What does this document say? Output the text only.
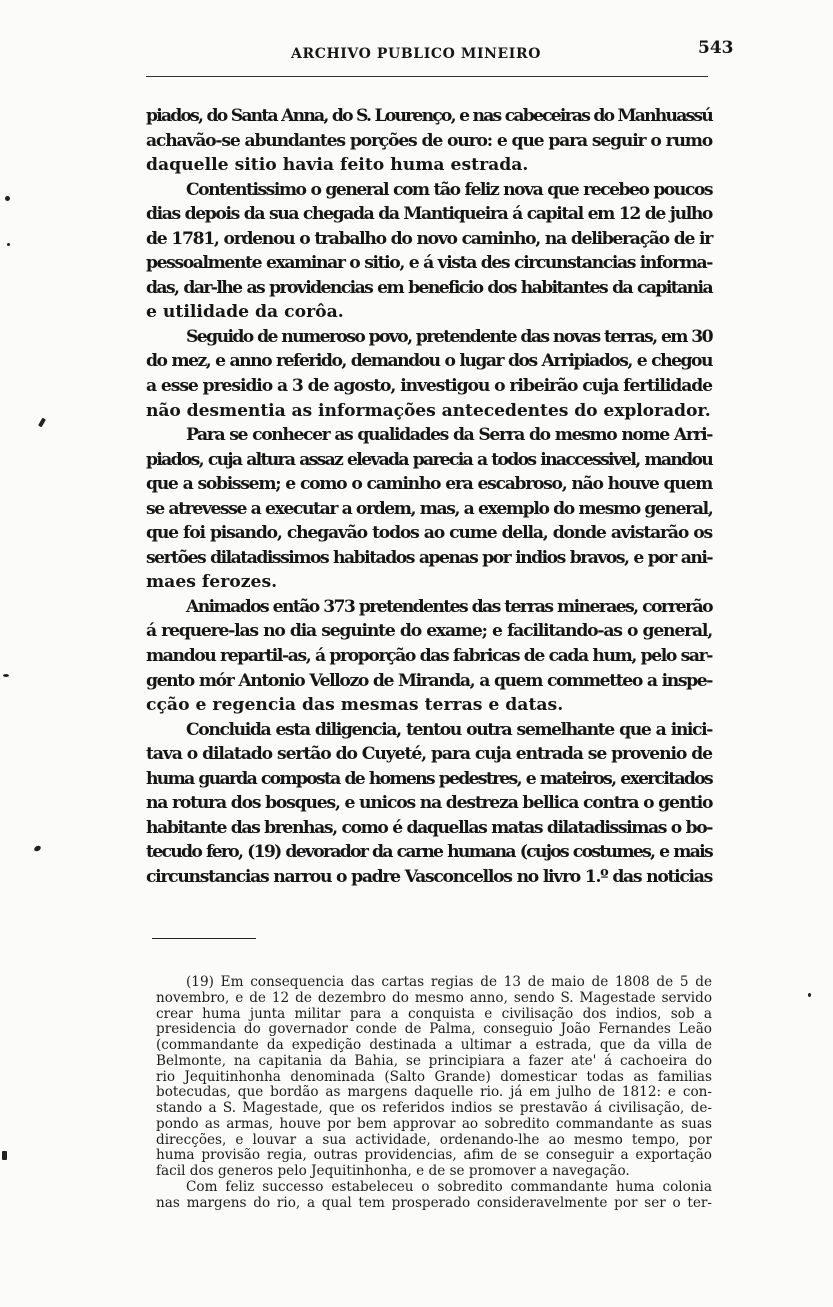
ARCHIVO PUBLICO MINEIRO	543
piados, do Santa Anna, do S. Lourenço, e nas cabeceiras do Manhuassú
achavão-se abundantes porções de ouro: e que para seguir o rumo
daquelle sitio havia feito huma estrada.
Contentissimo o general com tão feliz nova que recebeo poucos
dias depois da sua chegada da Mantiqueira á capital em 12 de julho
de 1781, ordenou o trabalho do novo caminho, na deliberação de ir
pessoalmente examinar o sitio, e á vista des circunstancias informa-
das, dar-lhe as providencias em beneficio dos habitantes da capitania
e utilidade da corôa.
Seguido de numeroso povo, pretendente das novas terras, em 30
do mez, e anno referido, demandou o lugar dos Arripiados, e chegou
a esse presidio a 3 de agosto, investigou o ribeirão cuja fertilidade
não desmentia as informações antecedentes do explorador.
Para se conhecer as qualidades da Serra do mesmo nome Arri-
piados, cuja altura assaz elevada parecia a todos inaccessivel, mandou
que a sobissem; e como o caminho era escabroso, não houve quem
se atrevesse a executar a ordem, mas, a exemplo do mesmo general,
que foi pisando, chegavão todos ao cume della, donde avistarão os
sertões dilatadissimos habitados apenas por indios bravos, e por ani-
maes ferozes.
Animados então 373 pretendentes das terras mineraes, correrão
á requere-las no dia seguinte do exame; e facilitando-as o general,
mandou repartil-as, á proporção das fabricas de cada hum, pelo sar-
gento mór Antonio Vellozo de Miranda, a quem commetteo a inspe-
cção e regencia das mesmas terras e datas.
Concluida esta diligencia, tentou outra semelhante que a inici-
tava o dilatado sertão do Cuyeté, para cuja entrada se provenio de
huma guarda composta de homens pedestres, e mateiros, exercitados
na rotura dos bosques, e unicos na destreza bellica contra o gentio
habitante das brenhas, como é daquellas matas dilatadissimas o bo-
tecudo fero, (19) devorador da carne humana (cujos costumes, e mais
circunstancias narrou o padre Vasconcellos no livro 1.º das noticias
(19) Em consequencia das cartas regias de 13 de maio de 1808 de 5 de
novembro, e de 12 de dezembro do mesmo anno, sendo S. Magestade servido
crear huma junta militar para a conquista e civilisação dos indios, sob a
presidencia do governador conde de Palma, conseguio João Fernandes Leão
(commandante da expedição destinada a ultimar a estrada, que da villa de
Belmonte, na capitania da Bahia, se principiara a fazer ate' á cachoeira do
rio Jequitinhonha denominada (Salto Grande) domesticar todas as familias
botecudas, que bordão as margens daquelle rio. já em julho de 1812: e con-
stando a S. Magestade, que os referidos indios se prestavão á civilisação, de-
pondo as armas, houve por bem approvar ao sobredito commandante as suas
direcções, e louvar a sua actividade, ordenando-lhe ao mesmo tempo, por
huma provisão regia, outras providencias, afim de se conseguir a exportação
facil dos generos pelo Jequitinhonha, e de se promover a navegação.
Com feliz successo estabeleceu o sobredito commandante huma colonia
nas margens do rio, a qual tem prosperado consideravelmente por ser o ter-
